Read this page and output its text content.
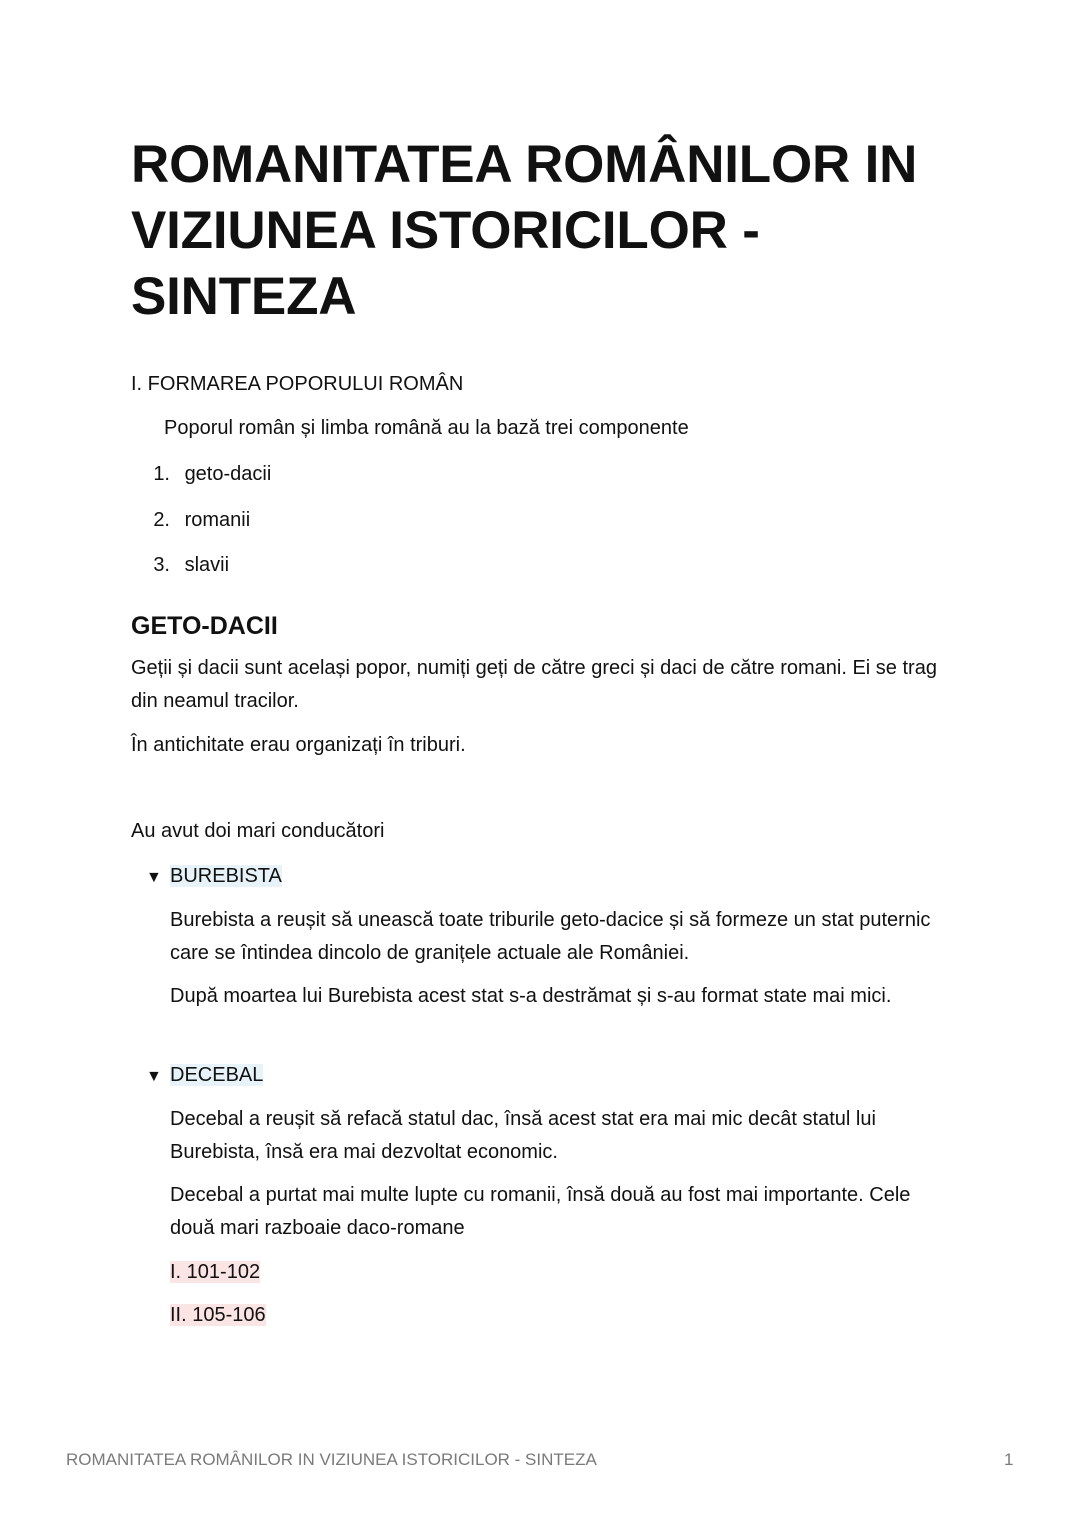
ROMANITATEA ROMÂNILOR IN VIZIUNEA ISTORICILOR - SINTEZA

I. FORMAREA POPORULUI ROMÂN

Poporul român și limba română au la bază trei componente

1. geto-dacii
2. romanii
3. slavii
GETO-DACII

Geții și dacii sunt același popor, numiți geți de către greci și daci de către romani. Ei se trag din neamul tracilor.

În antichitate erau organizați în triburi.

Au avut doi mari conducători

▼ BUREBISTA

Burebista a reușit să unească toate triburile geto-dacice și să formeze un stat puternic care se întindea dincolo de granițele actuale ale României.

După moartea lui Burebista acest stat s-a destrămat și s-au format state mai mici.

▼ DECEBAL

Decebal a reușit să refacă statul dac, însă acest stat era mai mic decât statul lui Burebista, însă era mai dezvoltat economic.

Decebal a purtat mai multe lupte cu romanii, însă două au fost mai importante. Cele două mari razboaie daco-romane

I. 101-102

II. 105-106

ROMANITATEA ROMÂNILOR IN VIZIUNEA ISTORICILOR - SINTEZA	1
